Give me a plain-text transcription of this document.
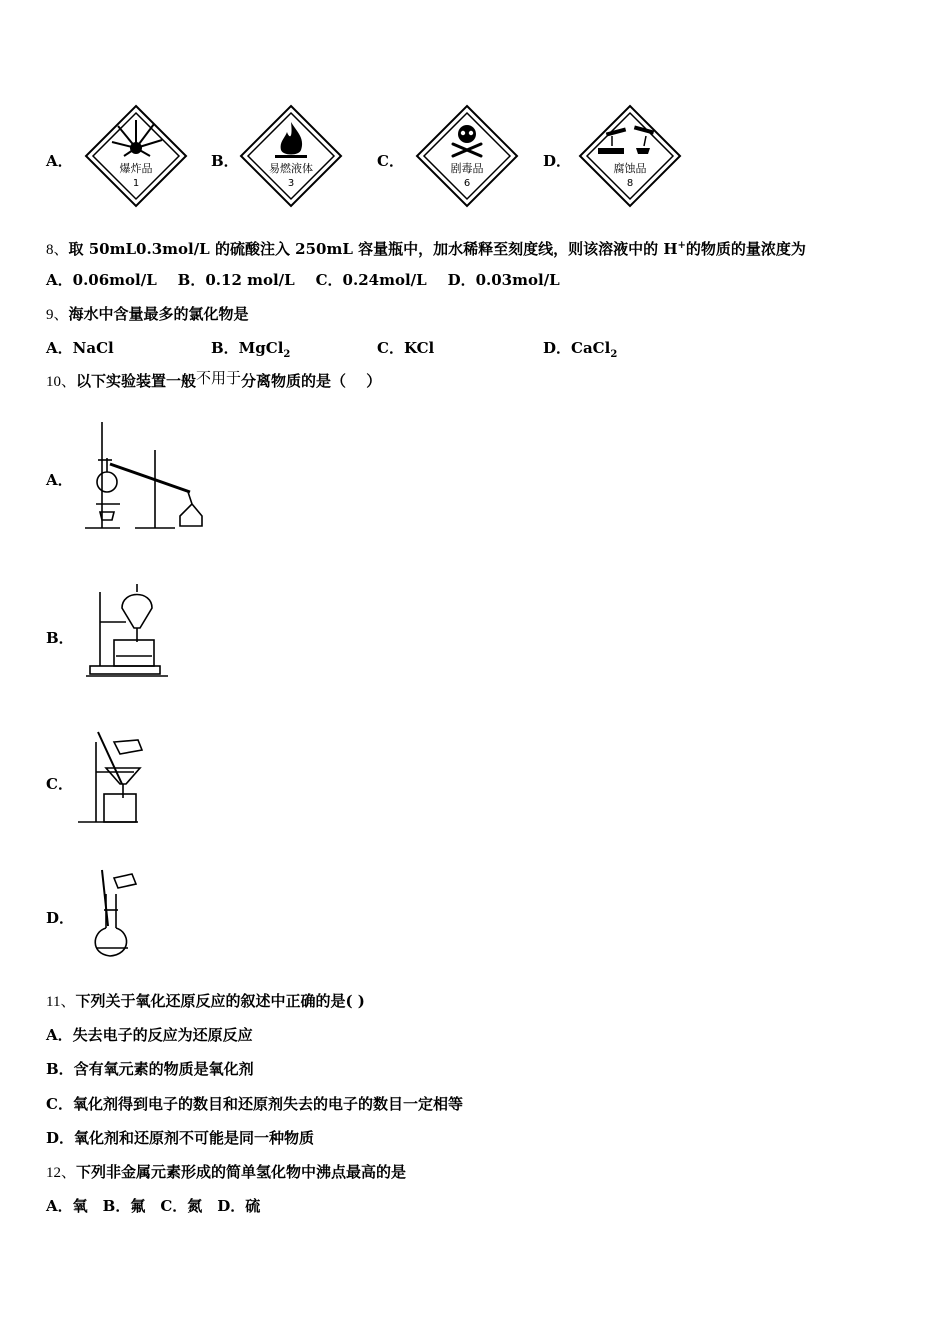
A．	爆炸品
1
B．	易燃液体
3
C．	剧毒品
6
D．	腐蚀品
8
8、取 50mL0.3mol/L 的硫酸注入 250mL 容量瓶中，加水稀释至刻度线，则该溶液中的 H+的物质的量浓度为
A．0.06mol/L B．0.12 mol/L C．0.24mol/L D．0.03mol/L
9、海水中含量最多的氯化物是
A．NaCl	B．MgCl$_2$	C．KCl	D．CaCl$_2$
10、以下实验装置一般不用于分离物质的是（　 ）
A．
B．
C．
D．
11、下列关于氧化还原反应的叙述中正确的是( )
A．失去电子的反应为还原反应
B．含有氧元素的物质是氧化剂
C．氧化剂得到电子的数目和还原剂失去的电子的数目一定相等
D．氧化剂和还原剂不可能是同一种物质
12、下列非金属元素形成的简单氢化物中沸点最高的是
A．氧　B．氟　C．氮　D．硫
